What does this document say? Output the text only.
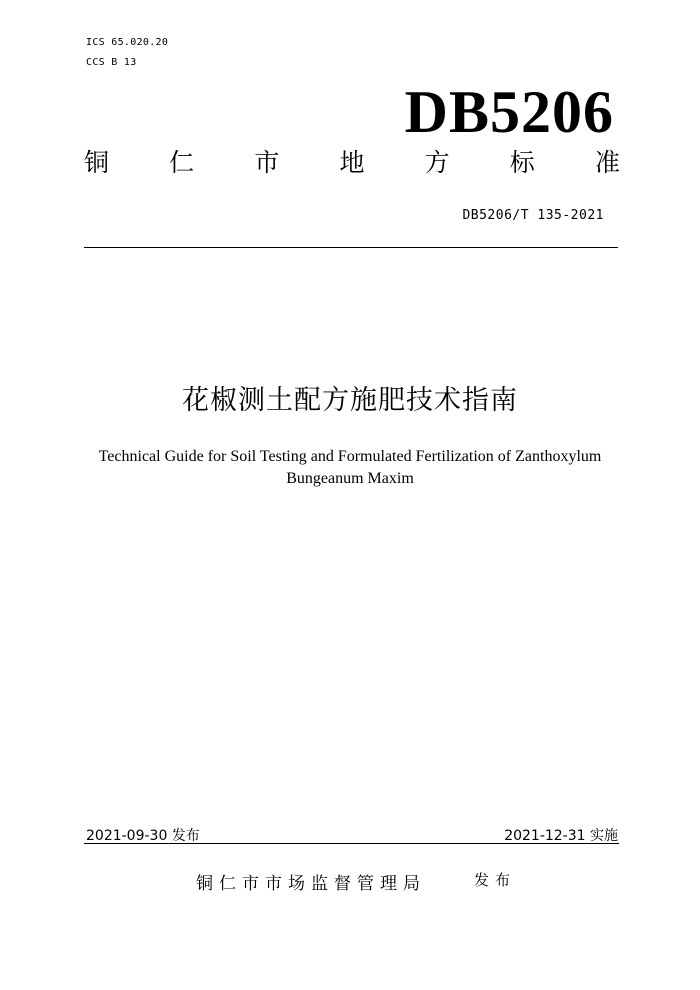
ICS 65.020.20
CCS B 13
DB5206
铜 仁 市 地 方 标 准
DB5206/T 135-2021
花椒测土配方施肥技术指南
Technical Guide for Soil Testing and Formulated Fertilization of Zanthoxylum
Bungeanum Maxim
2021-09-30 发布	2021-12-31 实施
铜仁市市场监督管理局	发布
